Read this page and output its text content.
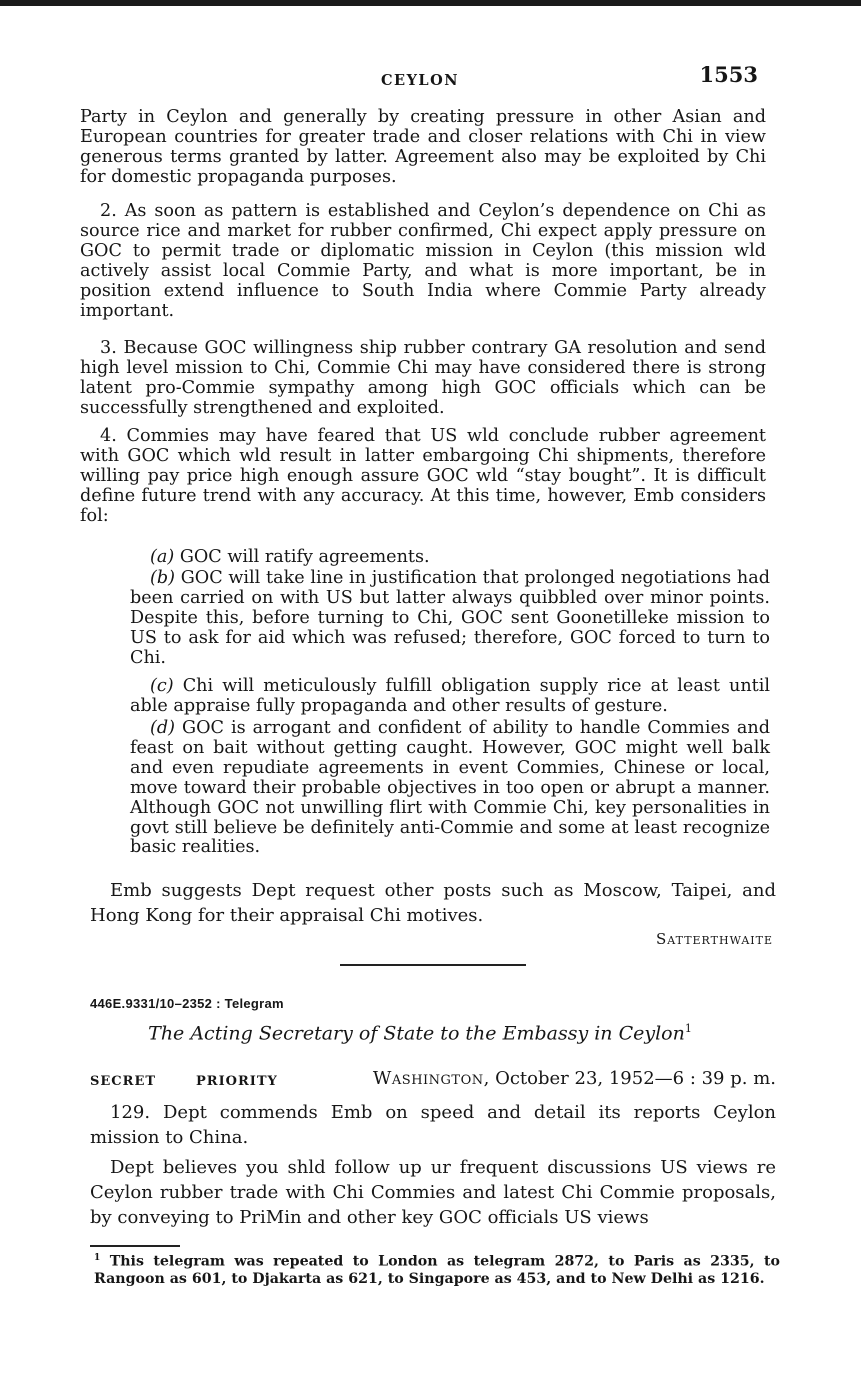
CEYLON	1553

Party in Ceylon and generally by creating pressure in other Asian and European countries for greater trade and closer relations with Chi in view generous terms granted by latter. Agreement also may be exploited by Chi for domestic propaganda purposes.

2. As soon as pattern is established and Ceylon’s dependence on Chi as source rice and market for rubber confirmed, Chi expect apply pressure on GOC to permit trade or diplomatic mission in Ceylon (this mission wld actively assist local Commie Party, and what is more important, be in position extend influence to South India where Commie Party already important.

3. Because GOC willingness ship rubber contrary GA resolution and send high level mission to Chi, Commie Chi may have considered there is strong latent pro-Commie sympathy among high GOC officials which can be successfully strengthened and exploited.

4. Commies may have feared that US wld conclude rubber agreement with GOC which wld result in latter embargoing Chi shipments, therefore willing pay price high enough assure GOC wld “stay bought”. It is difficult define future trend with any accuracy. At this time, however, Emb considers fol:

(a) GOC will ratify agreements.

(b) GOC will take line in justification that prolonged negotiations had been carried on with US but latter always quibbled over minor points. Despite this, before turning to Chi, GOC sent Goonetilleke mission to US to ask for aid which was refused; therefore, GOC forced to turn to Chi.

(c) Chi will meticulously fulfill obligation supply rice at least until able appraise fully propaganda and other results of gesture.

(d) GOC is arrogant and confident of ability to handle Commies and feast on bait without getting caught. However, GOC might well balk and even repudiate agreements in event Commies, Chinese or local, move toward their probable objectives in too open or abrupt a manner. Although GOC not unwilling flirt with Commie Chi, key personalities in govt still believe be definitely anti-Commie and some at least recognize basic realities.

Emb suggests Dept request other posts such as Moscow, Taipei, and Hong Kong for their appraisal Chi motives.
Satterthwaite
446E.9331/10–2352 : Telegram
The Acting Secretary of State to the Embassy in Ceylon$^1$
SECRET	PRIORITY	Washington, October 23, 1952—6 : 39 p. m.

129. Dept commends Emb on speed and detail its reports Ceylon mission to China.

Dept believes you shld follow up ur frequent discussions US views re Ceylon rubber trade with Chi Commies and latest Chi Commie proposals, by conveying to PriMin and other key GOC officials US views

$^1$ This telegram was repeated to London as telegram 2872, to Paris as 2335, to Rangoon as 601, to Djakarta as 621, to Singapore as 453, and to New Delhi as 1216.
